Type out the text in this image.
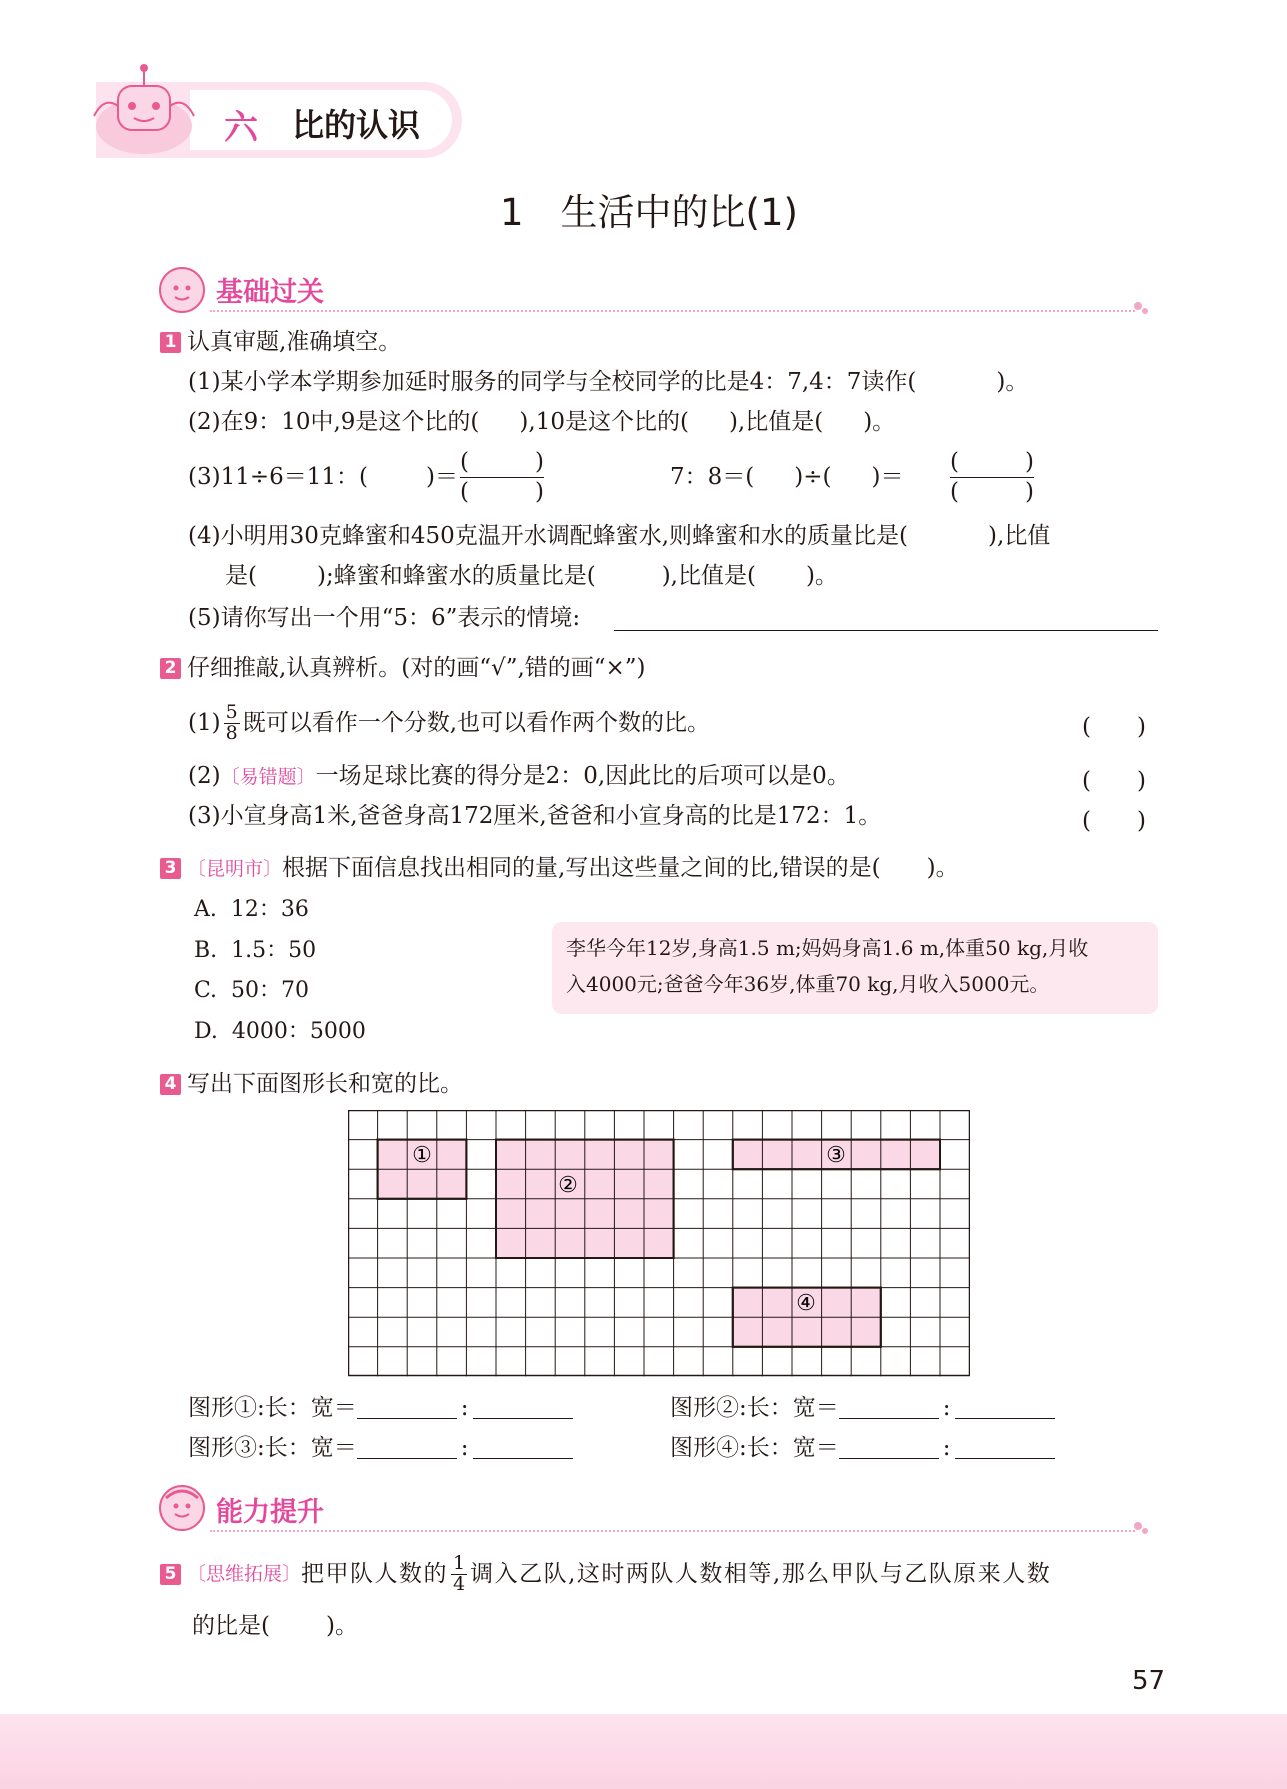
六 比的认识
1　生活中的比(1)
基础过关
1 认真审题,准确填空。
(1)某小学本学期参加延时服务的同学与全校同学的比是4：7,4：7读作(	)。
(2)在9：10中,9是这个比的( ),10是这个比的( ),比值是( )。
(3)11÷6＝11：(	)＝
(	)
(	)
7：8＝( )÷( )＝
(	)
(	)
(4)小明用30克蜂蜜和450克温开水调配蜂蜜水,则蜂蜜和水的质量比是(	),比值
是(	);蜂蜜和蜂蜜水的质量比是(	),比值是( )。
(5)请你写出一个用“5：6”表示的情境:
2 仔细推敲,认真辨析。(对的画“√”,错的画“×”)
$(1) \frac{5}{8}$ 既可以看作一个分数,也可以看作两个数的比。	(　　)
(2)〔易错题〕一场足球比赛的得分是2：0,因此比的后项可以是0。	(　　)
(3)小宣身高1米,爸爸身高172厘米,爸爸和小宣身高的比是172：1。	(　　)
3 〔昆明市〕根据下面信息找出相同的量,写出这些量之间的比,错误的是( )。
A.  12：36
B.  1.5：50
C.  50：70
D.  4000：5000
李华今年12岁,身高1.5 m;妈妈身高1.6 m,体重50 kg,月收
入4000元;爸爸今年36岁,体重70 kg,月收入5000元。
4 写出下面图形长和宽的比。
①
②
③
④
图形①:长：宽＝	:	图形②:长：宽＝	:
图形③:长：宽＝	:	图形④:长：宽＝	:
能力提升
5 〔思维拓展〕把甲队人数的 $\frac{1}{4}$ 调入乙队,这时两队人数相等,那么甲队与乙队原来人数
的比是( )。
57
